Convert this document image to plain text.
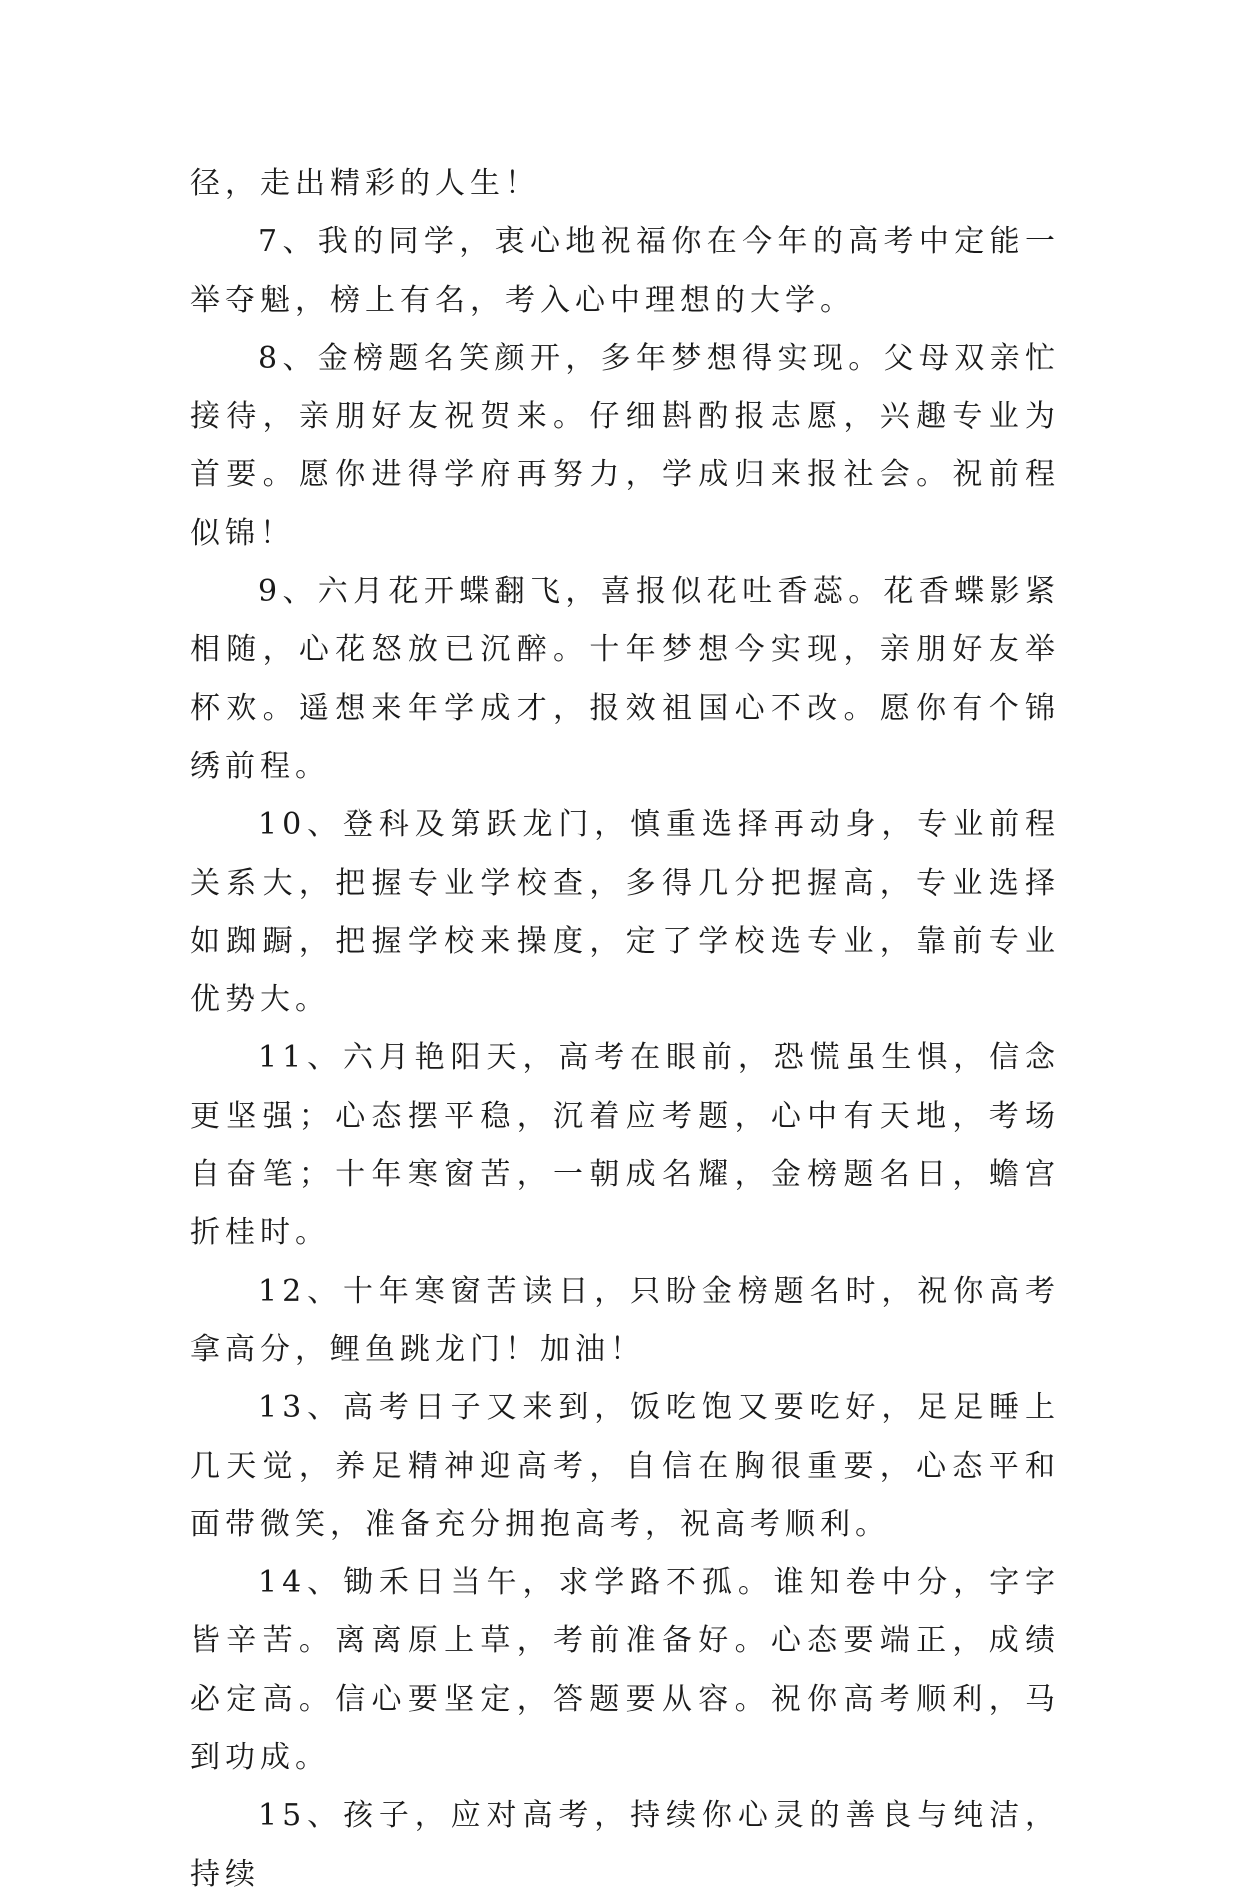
径，走出精彩的人生！

7、我的同学，衷心地祝福你在今年的高考中定能一举夺魁，榜上有名，考入心中理想的大学。

8、金榜题名笑颜开，多年梦想得实现。父母双亲忙接待，亲朋好友祝贺来。仔细斟酌报志愿，兴趣专业为首要。愿你进得学府再努力，学成归来报社会。祝前程似锦！

9、六月花开蝶翻飞，喜报似花吐香蕊。花香蝶影紧相随，心花怒放已沉醉。十年梦想今实现，亲朋好友举杯欢。遥想来年学成才，报效祖国心不改。愿你有个锦绣前程。

10、登科及第跃龙门，慎重选择再动身，专业前程关系大，把握专业学校查，多得几分把握高，专业选择如踟蹰，把握学校来操度，定了学校选专业，靠前专业优势大。

11、六月艳阳天，高考在眼前，恐慌虽生惧，信念更坚强；心态摆平稳，沉着应考题，心中有天地，考场自奋笔；十年寒窗苦，一朝成名耀，金榜题名日，蟾宫折桂时。

12、十年寒窗苦读日，只盼金榜题名时，祝你高考拿高分，鲤鱼跳龙门！加油！

13、高考日子又来到，饭吃饱又要吃好，足足睡上几天觉，养足精神迎高考，自信在胸很重要，心态平和面带微笑，准备充分拥抱高考，祝高考顺利。

14、锄禾日当午，求学路不孤。谁知卷中分，字字皆辛苦。离离原上草，考前准备好。心态要端正，成绩必定高。信心要坚定，答题要从容。祝你高考顺利，马到功成。

15、孩子，应对高考，持续你心灵的善良与纯洁，持续
